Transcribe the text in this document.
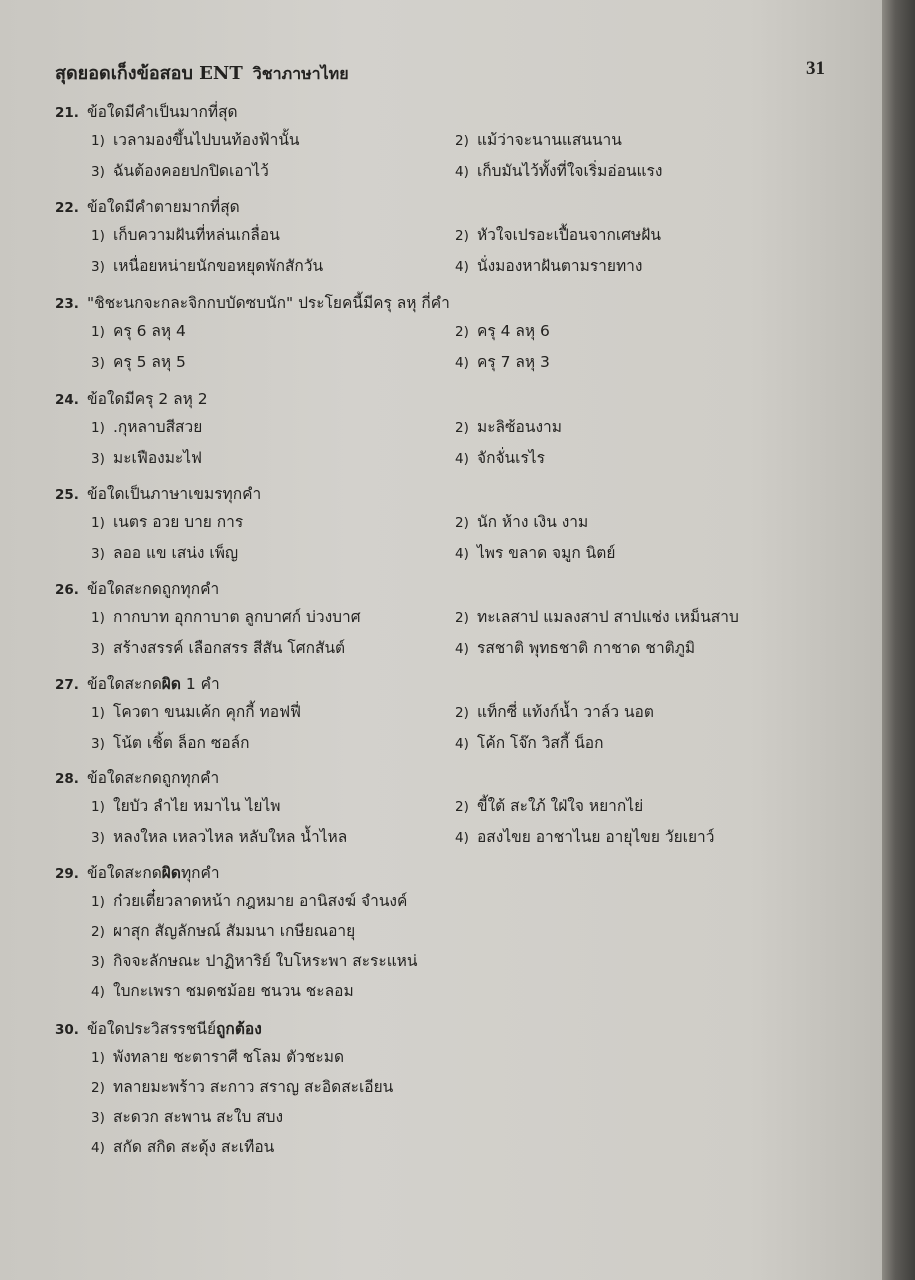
สุดยอดเก็งข้อสอบ ENT วิชาภาษาไทย	31
21. ข้อใดมีคำเป็นมากที่สุด
1) เวลามองขึ้นไปบนท้องฟ้านั้น	2) แม้ว่าจะนานแสนนาน
3) ฉันต้องคอยปกปิดเอาไว้	4) เก็บมันไว้ทั้งที่ใจเริ่มอ่อนแรง
22. ข้อใดมีคำตายมากที่สุด
1) เก็บความฝันที่หล่นเกลื่อน	2) หัวใจเปรอะเปื้อนจากเศษฝัน
3) เหนื่อยหน่ายนักขอหยุดพักสักวัน	4) นั่งมองหาฝันตามรายทาง
23. "ชิชะนกจะกละจิกกบบัดซบนัก" ประโยคนี้มีครุ ลหุ กี่คำ
1) ครุ 6 ลหุ 4	2) ครุ 4 ลหุ 6
3) ครุ 5 ลหุ 5	4) ครุ 7 ลหุ 3
24. ข้อใดมีครุ 2 ลหุ 2
1) .กุหลาบสีสวย	2) มะลิซ้อนงาม
3) มะเฟืองมะไฟ	4) จักจั่นเรไร
25. ข้อใดเป็นภาษาเขมรทุกคำ
1) เนตร อวย บาย การ	2) นัก ห้าง เงิน งาม
3) ลออ แข เสน่ง เพ็ญ	4) ไพร ขลาด จมูก นิตย์
26. ข้อใดสะกดถูกทุกคำ
1) กากบาท อุกกาบาต ลูกบาศก์ บ่วงบาศ	2) ทะเลสาป แมลงสาป สาปแช่ง เหม็นสาบ
3) สร้างสรรค์ เลือกสรร สีสัน โศกสันต์	4) รสชาติ พุทธชาติ กาชาด ชาติภูมิ
27. ข้อใดสะกดผิด 1 คำ
1) โควตา ขนมเค้ก คุกกี้ ทอฟฟี่	2) แท็กซี่ แท้งก์น้ำ วาล์ว นอต
3) โน้ต เชิ้ต ล็อก ซอล์ก	4) โค้ก โจ๊ก วิสกี้ น็อก
28. ข้อใดสะกดถูกทุกคำ
1) ใยบัว ลำไย หมาไน ไยไพ	2) ขี้ใต้ สะใภ้ ใฝ่ใจ หยากไย่
3) หลงใหล เหลวไหล หลับใหล น้ำไหล	4) อสงไขย อาชาไนย อายุไขย วัยเยาว์
29. ข้อใดสะกดผิดทุกคำ
1) ก๋วยเตี๋ยวลาดหน้า กฎหมาย อานิสงฆ์ จำนงค์
2) ผาสุก สัญลักษณ์ สัมมนา เกษียณอายุ
3) กิจจะลักษณะ ปาฏิหาริย์ ใบโหระพา สะระแหน่
4) ใบกะเพรา ชมดชม้อย ชนวน ชะลอม
30. ข้อใดประวิสรรชนีย์ถูกต้อง
1) พังทลาย ชะตาราศี ชโลม ตัวชะมด
2) ทลายมะพร้าว สะกาว สราญ สะอิดสะเอียน
3) สะดวก สะพาน สะใบ สบง
4) สกัด สกิด สะดุ้ง สะเทือน
